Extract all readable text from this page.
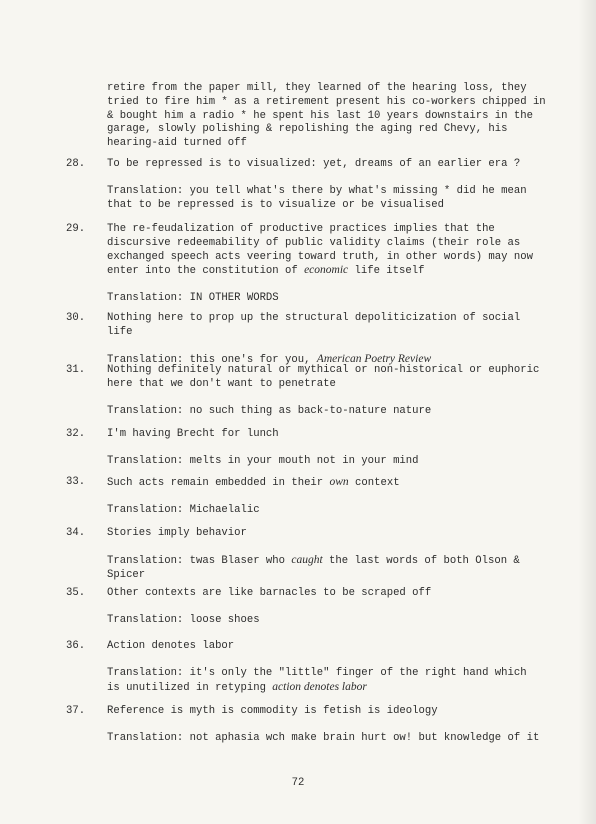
retire from the paper mill, they learned of the hearing loss, they
tried to fire him * as a retirement present his co-workers chipped in
& bought him a radio * he spent his last 10 years downstairs in the
garage, slowly polishing & repolishing the aging red Chevy, his
hearing-aid turned off
28.	To be repressed is to visualized: yet, dreams of an earlier era ?
Translation: you tell what's there by what's missing * did he mean
that to be repressed is to visualize or be visualised
29.	The re-feudalization of productive practices implies that the
discursive redeemability of public validity claims (their role as
exchanged speech acts veering toward truth, in other words) may now
enter into the constitution of economic life itself
Translation: IN OTHER WORDS
30.	Nothing here to prop up the structural depoliticization of social life
Translation: this one's for you, American Poetry Review
31.	Nothing definitely natural or mythical or non-historical or euphoric
here that we don't want to penetrate
Translation: no such thing as back-to-nature nature
32.	I'm having Brecht for lunch
Translation: melts in your mouth not in your mind
33.	Such acts remain embedded in their own context
Translation: Michaelalic
34.	Stories imply behavior
Translation: twas Blaser who caught the last words of both Olson &
Spicer
35.	Other contexts are like barnacles to be scraped off
Translation: loose shoes
36.	Action denotes labor
Translation: it's only the "little" finger of the right hand which
is unutilized in retyping action denotes labor
37.	Reference is myth is commodity is fetish is ideology
Translation: not aphasia wch make brain hurt ow! but knowledge of it
72
